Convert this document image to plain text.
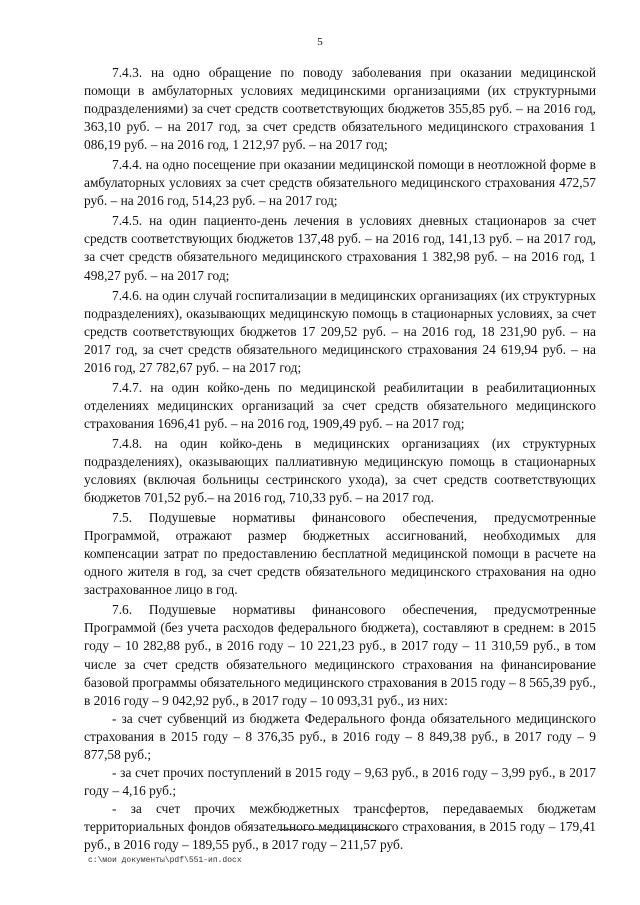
5

7.4.3. на одно обращение по поводу заболевания при оказании медицинской помощи в амбулаторных условиях медицинскими организациями (их структурными подразделениями) за счет средств соответствующих бюджетов 355,85 руб. – на 2016 год, 363,10 руб. – на 2017 год, за счет средств обязательного медицинского страхования 1 086,19 руб. – на 2016 год, 1 212,97 руб. – на 2017 год;

7.4.4. на одно посещение при оказании медицинской помощи в неотложной форме в амбулаторных условиях за счет средств обязательного медицинского страхования 472,57 руб. – на 2016 год, 514,23 руб. – на 2017 год;

7.4.5. на один пациенто-день лечения в условиях дневных стационаров за счет средств соответствующих бюджетов 137,48 руб. – на 2016 год, 141,13 руб. – на 2017 год, за счет средств обязательного медицинского страхования 1 382,98 руб. – на 2016 год, 1 498,27 руб. – на 2017 год;

7.4.6. на один случай госпитализации в медицинских организациях (их структурных подразделениях), оказывающих медицинскую помощь в стационарных условиях, за счет средств соответствующих бюджетов 17 209,52 руб. – на 2016 год, 18 231,90 руб. – на 2017 год, за счет средств обязательного медицинского страхования 24 619,94 руб. – на 2016 год, 27 782,67 руб. – на 2017 год;

7.4.7. на один койко-день по медицинской реабилитации в реабилитационных отделениях медицинских организаций за счет средств обязательного медицинского страхования 1696,41 руб. – на 2016 год, 1909,49 руб. – на 2017 год;

7.4.8. на один койко-день в медицинских организациях (их структурных подразделениях), оказывающих паллиативную медицинскую помощь в стационарных условиях (включая больницы сестринского ухода), за счет средств соответствующих бюджетов 701,52 руб.– на 2016 год, 710,33 руб. – на 2017 год.

7.5. Подушевые нормативы финансового обеспечения, предусмотренные Программой, отражают размер бюджетных ассигнований, необходимых для компенсации затрат по предоставлению бесплатной медицинской помощи в расчете на одного жителя в год, за счет средств обязательного медицинского страхования на одно застрахованное лицо в год.

7.6. Подушевые нормативы финансового обеспечения, предусмотренные Программой (без учета расходов федерального бюджета), составляют в среднем: в 2015 году – 10 282,88 руб., в 2016 году – 10 221,23 руб., в 2017 году – 11 310,59 руб., в том числе за счет средств обязательного медицинского страхования на финансирование базовой программы обязательного медицинского страхования в 2015 году – 8 565,39 руб., в 2016 году – 9 042,92 руб., в 2017 году – 10 093,31 руб., из них:

- за счет субвенций из бюджета Федерального фонда обязательного медицинского страхования в 2015 году – 8 376,35 руб., в 2016 году – 8 849,38 руб., в 2017 году – 9 877,58 руб.;

- за счет прочих поступлений в 2015 году – 9,63 руб., в 2016 году – 3,99 руб., в 2017 году – 4,16 руб.;

- за счет прочих межбюджетных трансфертов, передаваемых бюджетам территориальных фондов обязательного медицинского страхования, в 2015 году – 179,41 руб., в 2016 году – 189,55 руб., в 2017 году – 211,57 руб.

c:\мои документы\pdf\551-ип.docx
